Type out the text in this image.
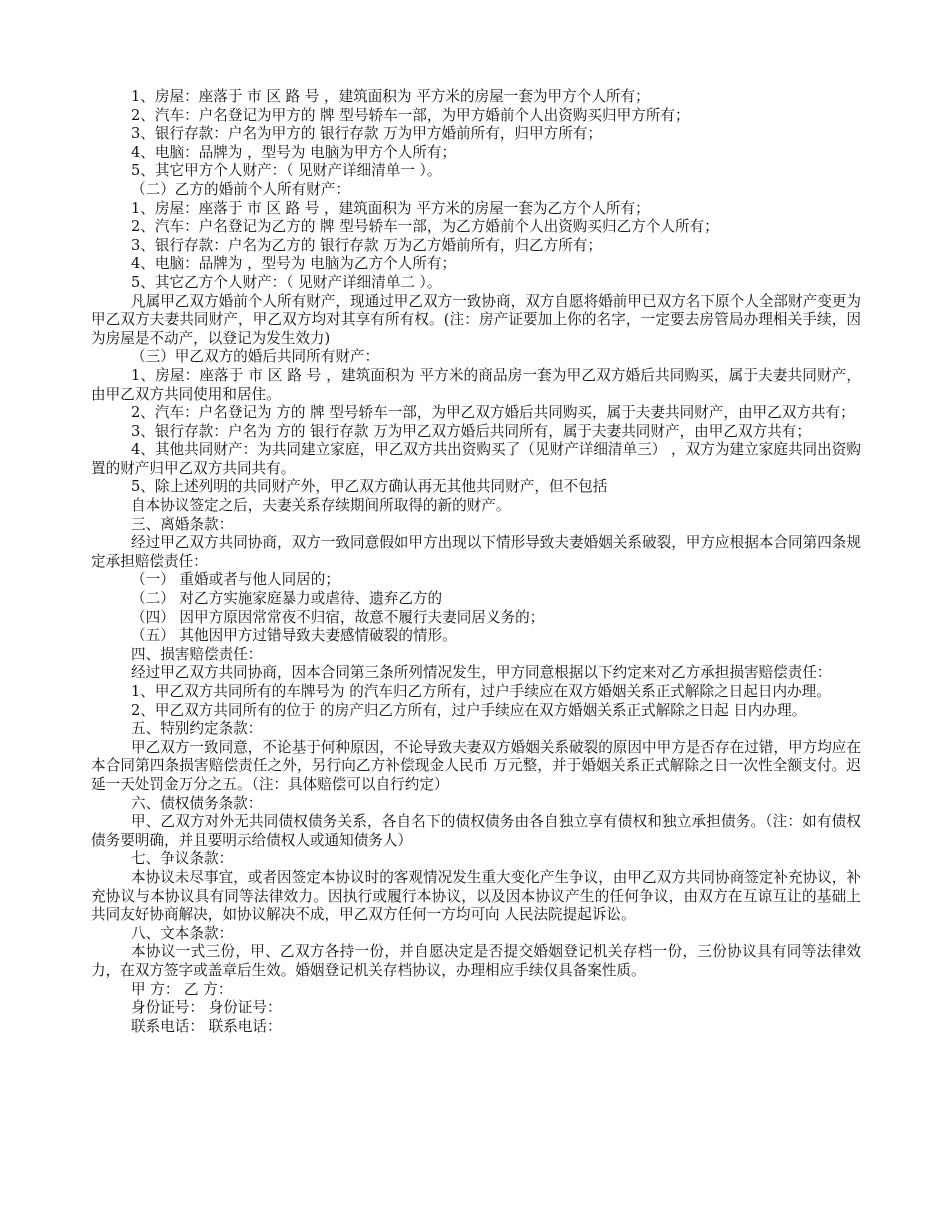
1、房屋：座落于 市 区 路 号 ，建筑面积为 平方米的房屋一套为甲方个人所有；
2、汽车：户名登记为甲方的 牌 型号轿车一部，为甲方婚前个人出资购买归甲方所有；
3、银行存款：户名为甲方的 银行存款 万为甲方婚前所有，归甲方所有；
4、电脑：品牌为 ，型号为 电脑为甲方个人所有；
5、其它甲方个人财产：（ 见财产详细清单一 ）。
（二）乙方的婚前个人所有财产：
1、房屋：座落于 市 区 路 号 ，建筑面积为 平方米的房屋一套为乙方个人所有；
2、汽车：户名登记为乙方的 牌 型号轿车一部，为乙方婚前个人出资购买归乙方个人所有；
3、银行存款：户名为乙方的 银行存款 万为乙方婚前所有，归乙方所有；
4、电脑：品牌为 ，型号为 电脑为乙方个人所有；
5、其它乙方个人财产：（ 见财产详细清单二 ）。

凡属甲乙双方婚前个人所有财产，现通过甲乙双方一致协商，双方自愿将婚前甲已双方名下原个人全部财产变更为甲乙双方夫妻共同财产，甲乙双方均对其享有所有权。(注：房产证要加上你的名字，一定要去房管局办理相关手续，因为房屋是不动产，以登记为发生效力)

（三）甲乙双方的婚后共同所有财产：

1、房屋：座落于 市 区 路 号 ，建筑面积为 平方米的商品房一套为甲乙双方婚后共同购买，属于夫妻共同财产，由甲乙双方共同使用和居住。

2、汽车：户名登记为 方的 牌 型号轿车一部，为甲乙双方婚后共同购买，属于夫妻共同财产，由甲乙双方共有；

3、银行存款：户名为 方的 银行存款 万为甲乙双方婚后共同所有，属于夫妻共同财产，由甲乙双方共有；

4、其他共同财产：为共同建立家庭，甲乙双方共出资购买了（见财产详细清单三） ，双方为建立家庭共同出资购置的财产归甲乙双方共同共有。

5、除上述列明的共同财产外，甲乙双方确认再无其他共同财产，但不包括
自本协议签定之后，夫妻关系存续期间所取得的新的财产。
三、离婚条款：

经过甲乙双方共同协商，双方一致同意假如甲方出现以下情形导致夫妻婚姻关系破裂，甲方应根据本合同第四条规定承担赔偿责任：

（一） 重婚或者与他人同居的；
（二） 对乙方实施家庭暴力或虐待、遗弃乙方的
（四） 因甲方原因常常夜不归宿，故意不履行夫妻同居义务的；
（五） 其他因甲方过错导致夫妻感情破裂的情形。
四、损害赔偿责任：

经过甲乙双方共同协商，因本合同第三条所列情况发生，甲方同意根据以下约定来对乙方承担损害赔偿责任：

1、甲乙双方共同所有的车牌号为 的汽车归乙方所有，过户手续应在双方婚姻关系正式解除之日起日内办理。

2、甲乙双方共同所有的位于 的房产归乙方所有，过户手续应在双方婚姻关系正式解除之日起 日内办理。

五、特别约定条款：

甲乙双方一致同意，不论基于何种原因，不论导致夫妻双方婚姻关系破裂的原因中甲方是否存在过错，甲方均应在本合同第四条损害赔偿责任之外，另行向乙方补偿现金人民币 万元整，并于婚姻关系正式解除之日一次性全额支付。迟延一天处罚金万分之五。（注：具体赔偿可以自行约定）

六、债权债务条款：

甲、乙双方对外无共同债权债务关系，各自名下的债权债务由各自独立享有债权和独立承担债务。（注：如有债权债务要明确，并且要明示给债权人或通知债务人）

七、争议条款：

本协议未尽事宜，或者因签定本协议时的客观情况发生重大变化产生争议，由甲乙双方共同协商签定补充协议，补充协议与本协议具有同等法律效力。因执行或履行本协议，以及因本协议产生的任何争议，由双方在互谅互让的基础上共同友好协商解决，如协议解决不成，甲乙双方任何一方均可向 人民法院提起诉讼。

八、文本条款：

本协议一式三份，甲、乙双方各持一份，并自愿决定是否提交婚姻登记机关存档一份，三份协议具有同等法律效力，在双方签字或盖章后生效。婚姻登记机关存档协议，办理相应手续仅具备案性质。

甲 方： 乙 方：
身份证号： 身份证号：
联系电话： 联系电话：
